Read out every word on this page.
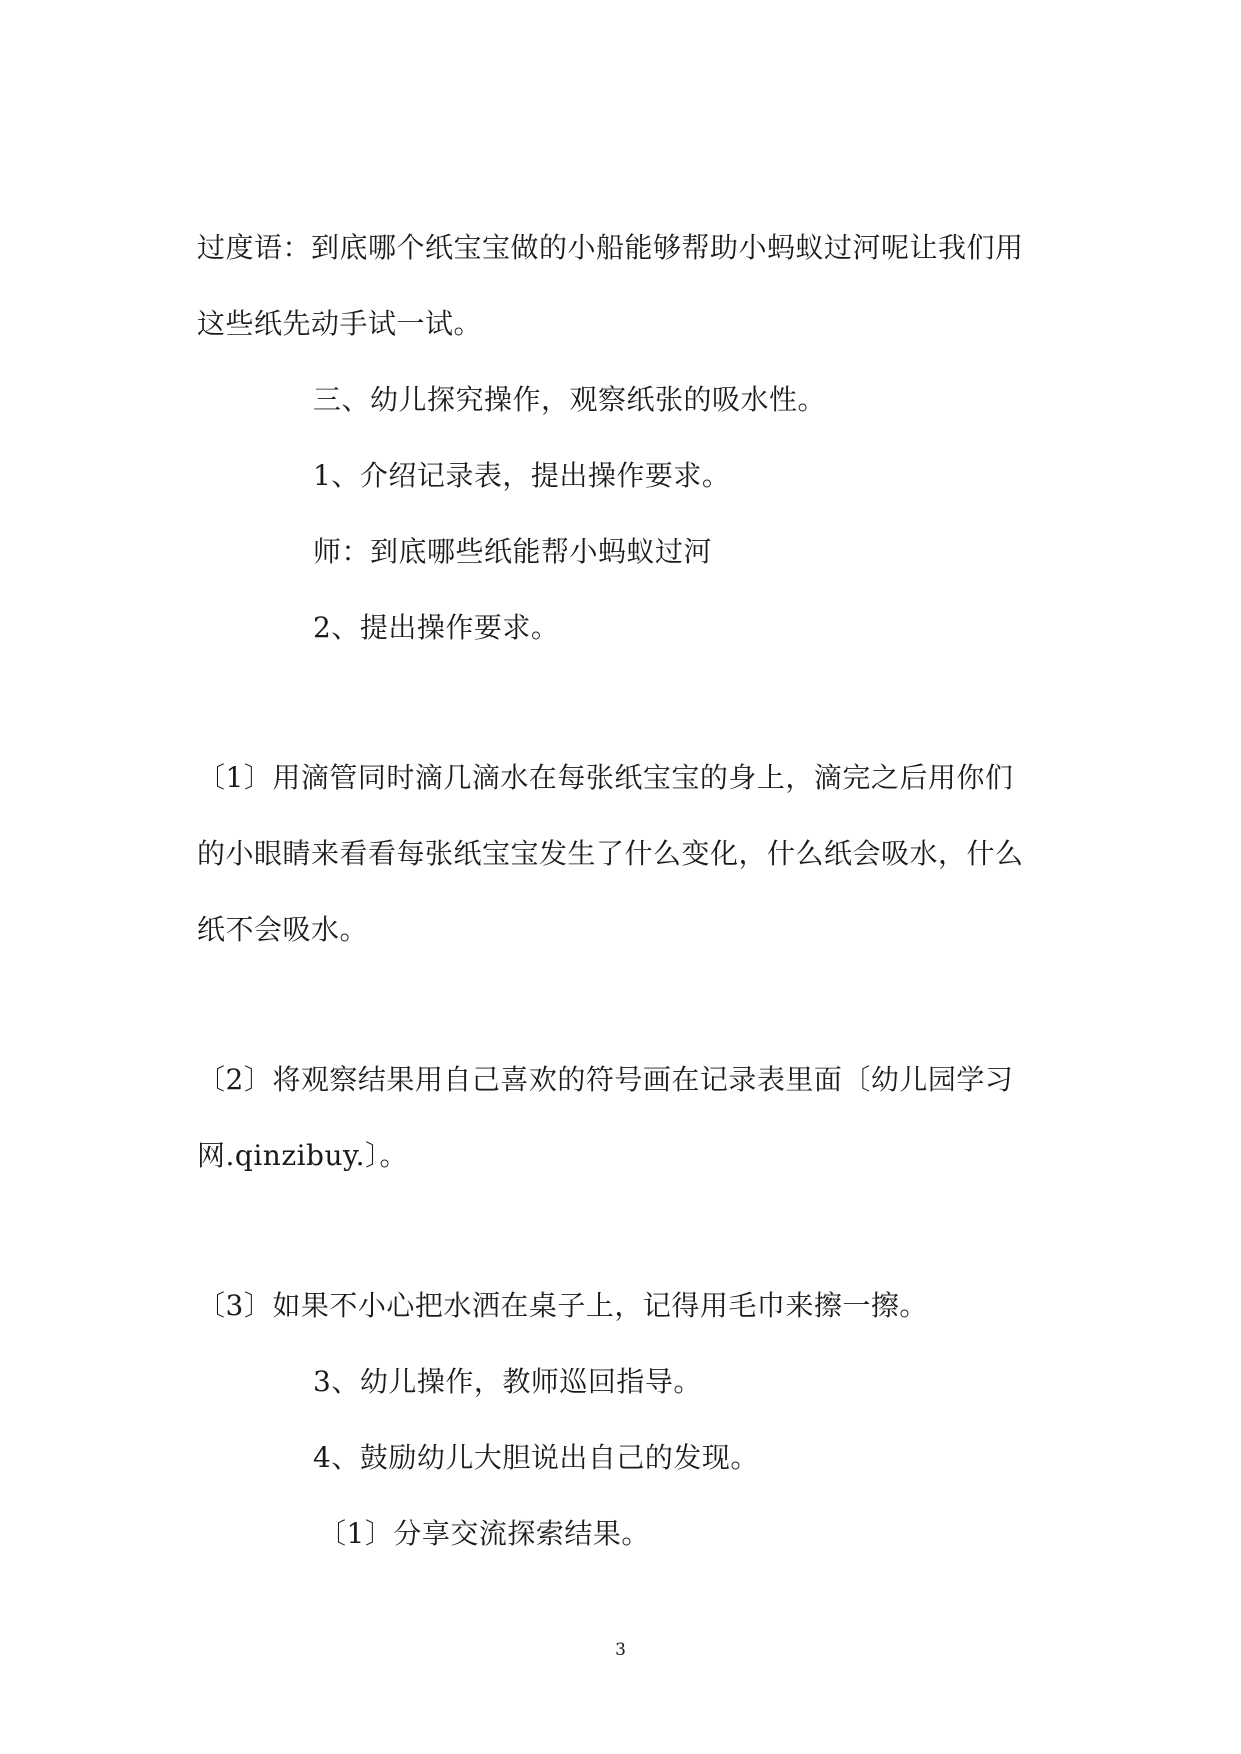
过度语：到底哪个纸宝宝做的小船能够帮助小蚂蚁过河呢让我们用
这些纸先动手试一试。
三、幼儿探究操作，观察纸张的吸水性。
1、介绍记录表，提出操作要求。
师：到底哪些纸能帮小蚂蚁过河
2、提出操作要求。
〔1〕用滴管同时滴几滴水在每张纸宝宝的身上，滴完之后用你们
的小眼睛来看看每张纸宝宝发生了什么变化，什么纸会吸水，什么
纸不会吸水。
〔2〕将观察结果用自己喜欢的符号画在记录表里面〔幼儿园学习
网.qinzibuy.〕。
〔3〕如果不小心把水洒在桌子上，记得用毛巾来擦一擦。
3、幼儿操作，教师巡回指导。
4、鼓励幼儿大胆说出自己的发现。
〔1〕分享交流探索结果。
3
